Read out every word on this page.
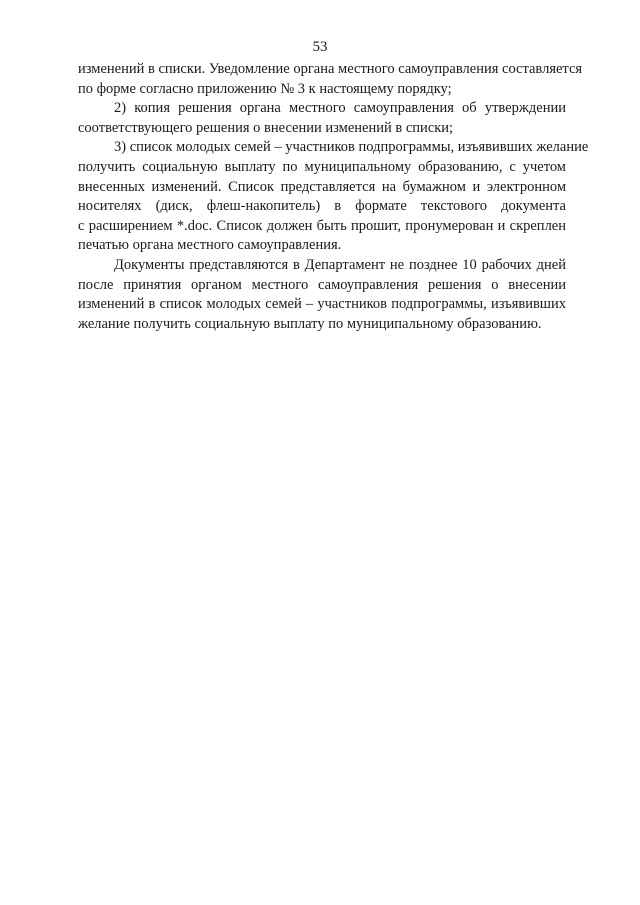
53

изменений в списки. Уведомление органа местного самоуправления составляется
по форме согласно приложению № 3 к настоящему порядку;

2) копия решения органа местного самоуправления об утверждении
соответствующего решения о внесении изменений в списки;

3) список молодых семей – участников подпрограммы, изъявивших желание
получить социальную выплату по муниципальному образованию, с учетом
внесенных изменений. Список представляется на бумажном и электронном
носителях (диск, флеш-накопитель) в формате текстового документа
с расширением *.doc. Список должен быть прошит, пронумерован и скреплен
печатью органа местного самоуправления.

Документы представляются в Департамент не позднее 10 рабочих дней
после принятия органом местного самоуправления решения о внесении
изменений в список молодых семей – участников подпрограммы, изъявивших
желание получить социальную выплату по муниципальному образованию.
